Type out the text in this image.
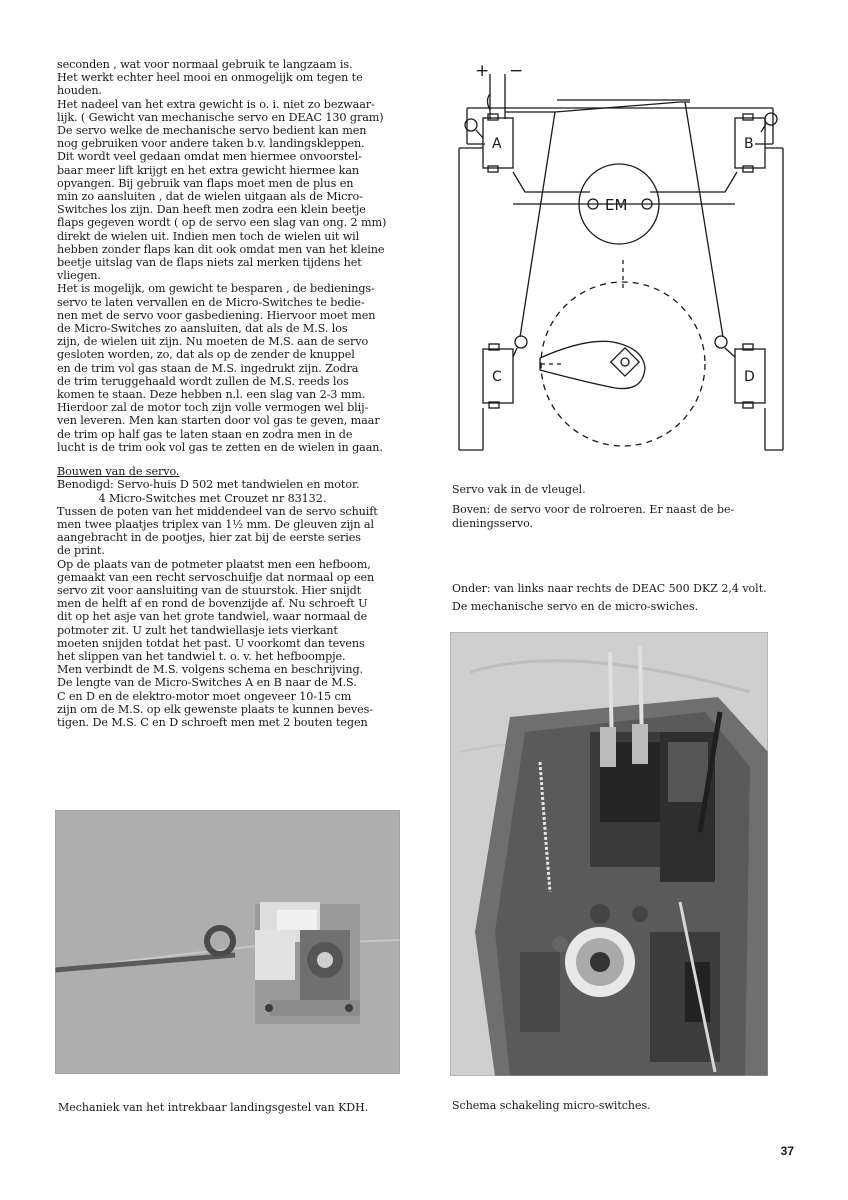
seconden , wat voor normaal gebruik te langzaam is.

Het werkt echter heel mooi en onmogelijk om tegen te

houden.

Het nadeel van het extra gewicht is o. i. niet zo bezwaar-

lijk. ( Gewicht van mechanische servo en DEAC 130 gram)

De servo welke de mechanische servo bedient kan men

nog gebruiken voor andere taken b.v. landingskleppen.

Dit wordt veel gedaan omdat men hiermee onvoorstel-

baar meer lift krijgt en het extra gewicht hiermee kan

opvangen. Bij gebruik van flaps moet men de plus en

min zo aansluiten , dat de wielen uitgaan als de Micro-

Switches los zijn. Dan heeft men zodra een klein beetje

flaps gegeven wordt ( op de servo een slag van ong. 2 mm)

direkt de wielen uit. Indien men toch de wielen uit wil

hebben zonder flaps kan dit ook omdat men van het kleine

beetje uitslag van de flaps niets zal merken tijdens het

vliegen.

Het is mogelijk, om gewicht te besparen , de bedienings-

servo te laten vervallen en de Micro-Switches te bedie-

nen met de servo voor gasbediening. Hiervoor moet men

de Micro-Switches zo aansluiten, dat als de M.S. los

zijn, de wielen uit zijn. Nu moeten de M.S. aan de servo

gesloten worden, zo, dat als op de zender de knuppel

en de trim vol gas staan de M.S. ingedrukt zijn. Zodra

de trim teruggehaald wordt zullen de M.S. reeds los

komen te staan. Deze hebben n.l. een slag van 2-3 mm.

Hierdoor zal de motor toch zijn volle vermogen wel blij-

ven leveren. Men kan starten door vol gas te geven, maar

de trim op half gas te laten staan en zodra men in de

lucht is de trim ook vol gas te zetten en de wielen in gaan.

Bouwen van de servo.

Benodigd: Servo-huis D 502 met tandwielen en motor.

4 Micro-Switches met Crouzet nr 83132.

Tussen de poten van het middendeel van de servo schuift

men twee plaatjes triplex van 1½ mm. De gleuven zijn al

aangebracht in de pootjes, hier zat bij de eerste series

de print.

Op de plaats van de potmeter plaatst men een hefboom,

gemaakt van een recht servoschuifje dat normaal op een

servo zit voor aansluiting van de stuurstok. Hier snijdt

men de helft af en rond de bovenzijde af. Nu schroeft U

dit op het asje van het grote tandwiel, waar normaal de

potmoter zit. U zult het tandwiellasje iets vierkant

moeten snijden totdat het past. U voorkomt dan tevens

het slippen van het tandwiel t. o. v. het hefboompje.

Men verbindt de M.S. volgens schema en beschrijving.

De lengte van de Micro-Switches A en B naar de M.S.

C en D en de elektro-motor moet ongeveer 10-15 cm

zijn om de M.S. op elk gewenste plaats te kunnen beves-

tigen. De M.S. C en D schroeft men met 2 bouten tegen

+ −
A	B
C	D
EM
Servo vak in de vleugel.
Boven: de servo voor de rolroeren. Er naast de be-
dieningsservo.
Onder: van links naar rechts de DEAC 500 DKZ 2,4 volt.
De mechanische servo en de micro-swiches.
Mechaniek van het intrekbaar landingsgestel van KDH.	Schema schakeling micro-switches.
37
